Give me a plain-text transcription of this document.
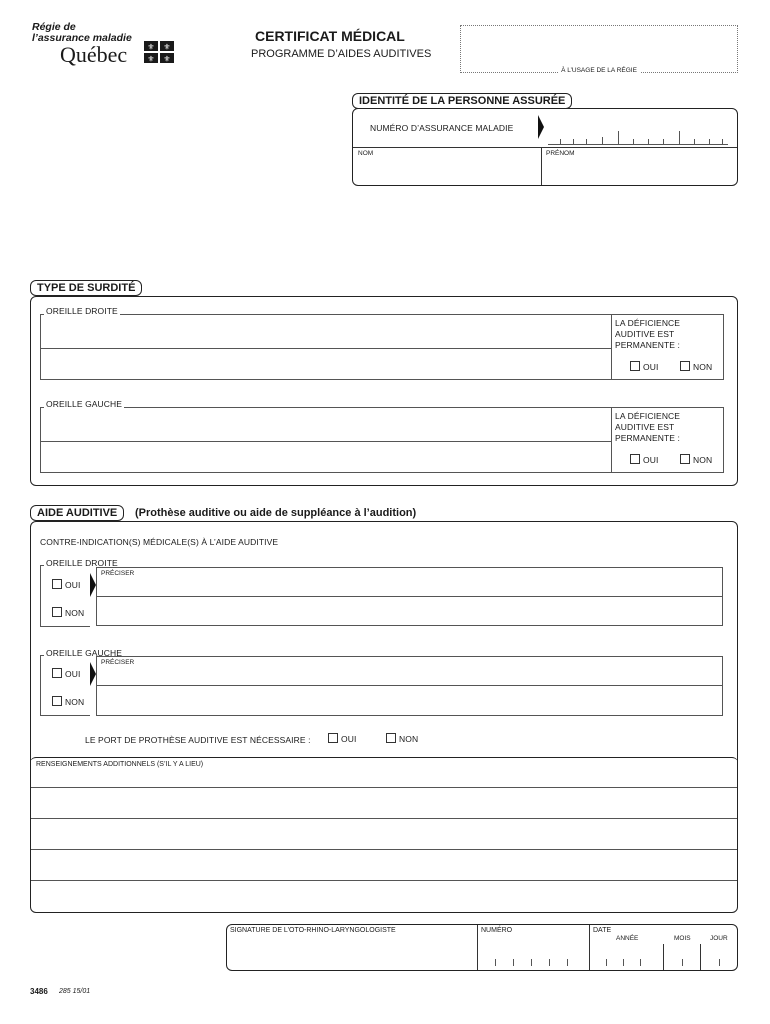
Régie de
l’assurance maladie
Québec	⚜ ⚜
⚜ ⚜
CERTIFICAT MÉDICAL
PROGRAMME D’AIDES AUDITIVES
À L’USAGE DE LA RÉGIE
IDENTITÉ DE LA PERSONNE ASSURÉE
NUMÉRO D’ASSURANCE MALADIE
NOM	PRÉNOM
TYPE DE SURDITÉ
OREILLE DROITE
LA DÉFICIENCE
AUDITIVE EST
PERMANENTE :
OUI	NON
OREILLE GAUCHE
LA DÉFICIENCE
AUDITIVE EST
PERMANENTE :
OUI	NON
AIDE AUDITIVE	(Prothèse auditive ou aide de suppléance à l’audition)
CONTRE-INDICATION(S) MÉDICALE(S) À L’AIDE AUDITIVE
OREILLE DROITE
OUI
NON
PRÉCISER
OREILLE GAUCHE
OUI
NON
PRÉCISER
LE PORT DE PROTHÈSE AUDITIVE EST NÉCESSAIRE :	OUI	NON
RENSEIGNEMENTS ADDITIONNELS (S’IL Y A LIEU)
SIGNATURE DE L’OTO-RHINO-LARYNGOLOGISTE	NUMÉRO	DATE
ANNÉE	MOIS	JOUR
3486 285 15/01
